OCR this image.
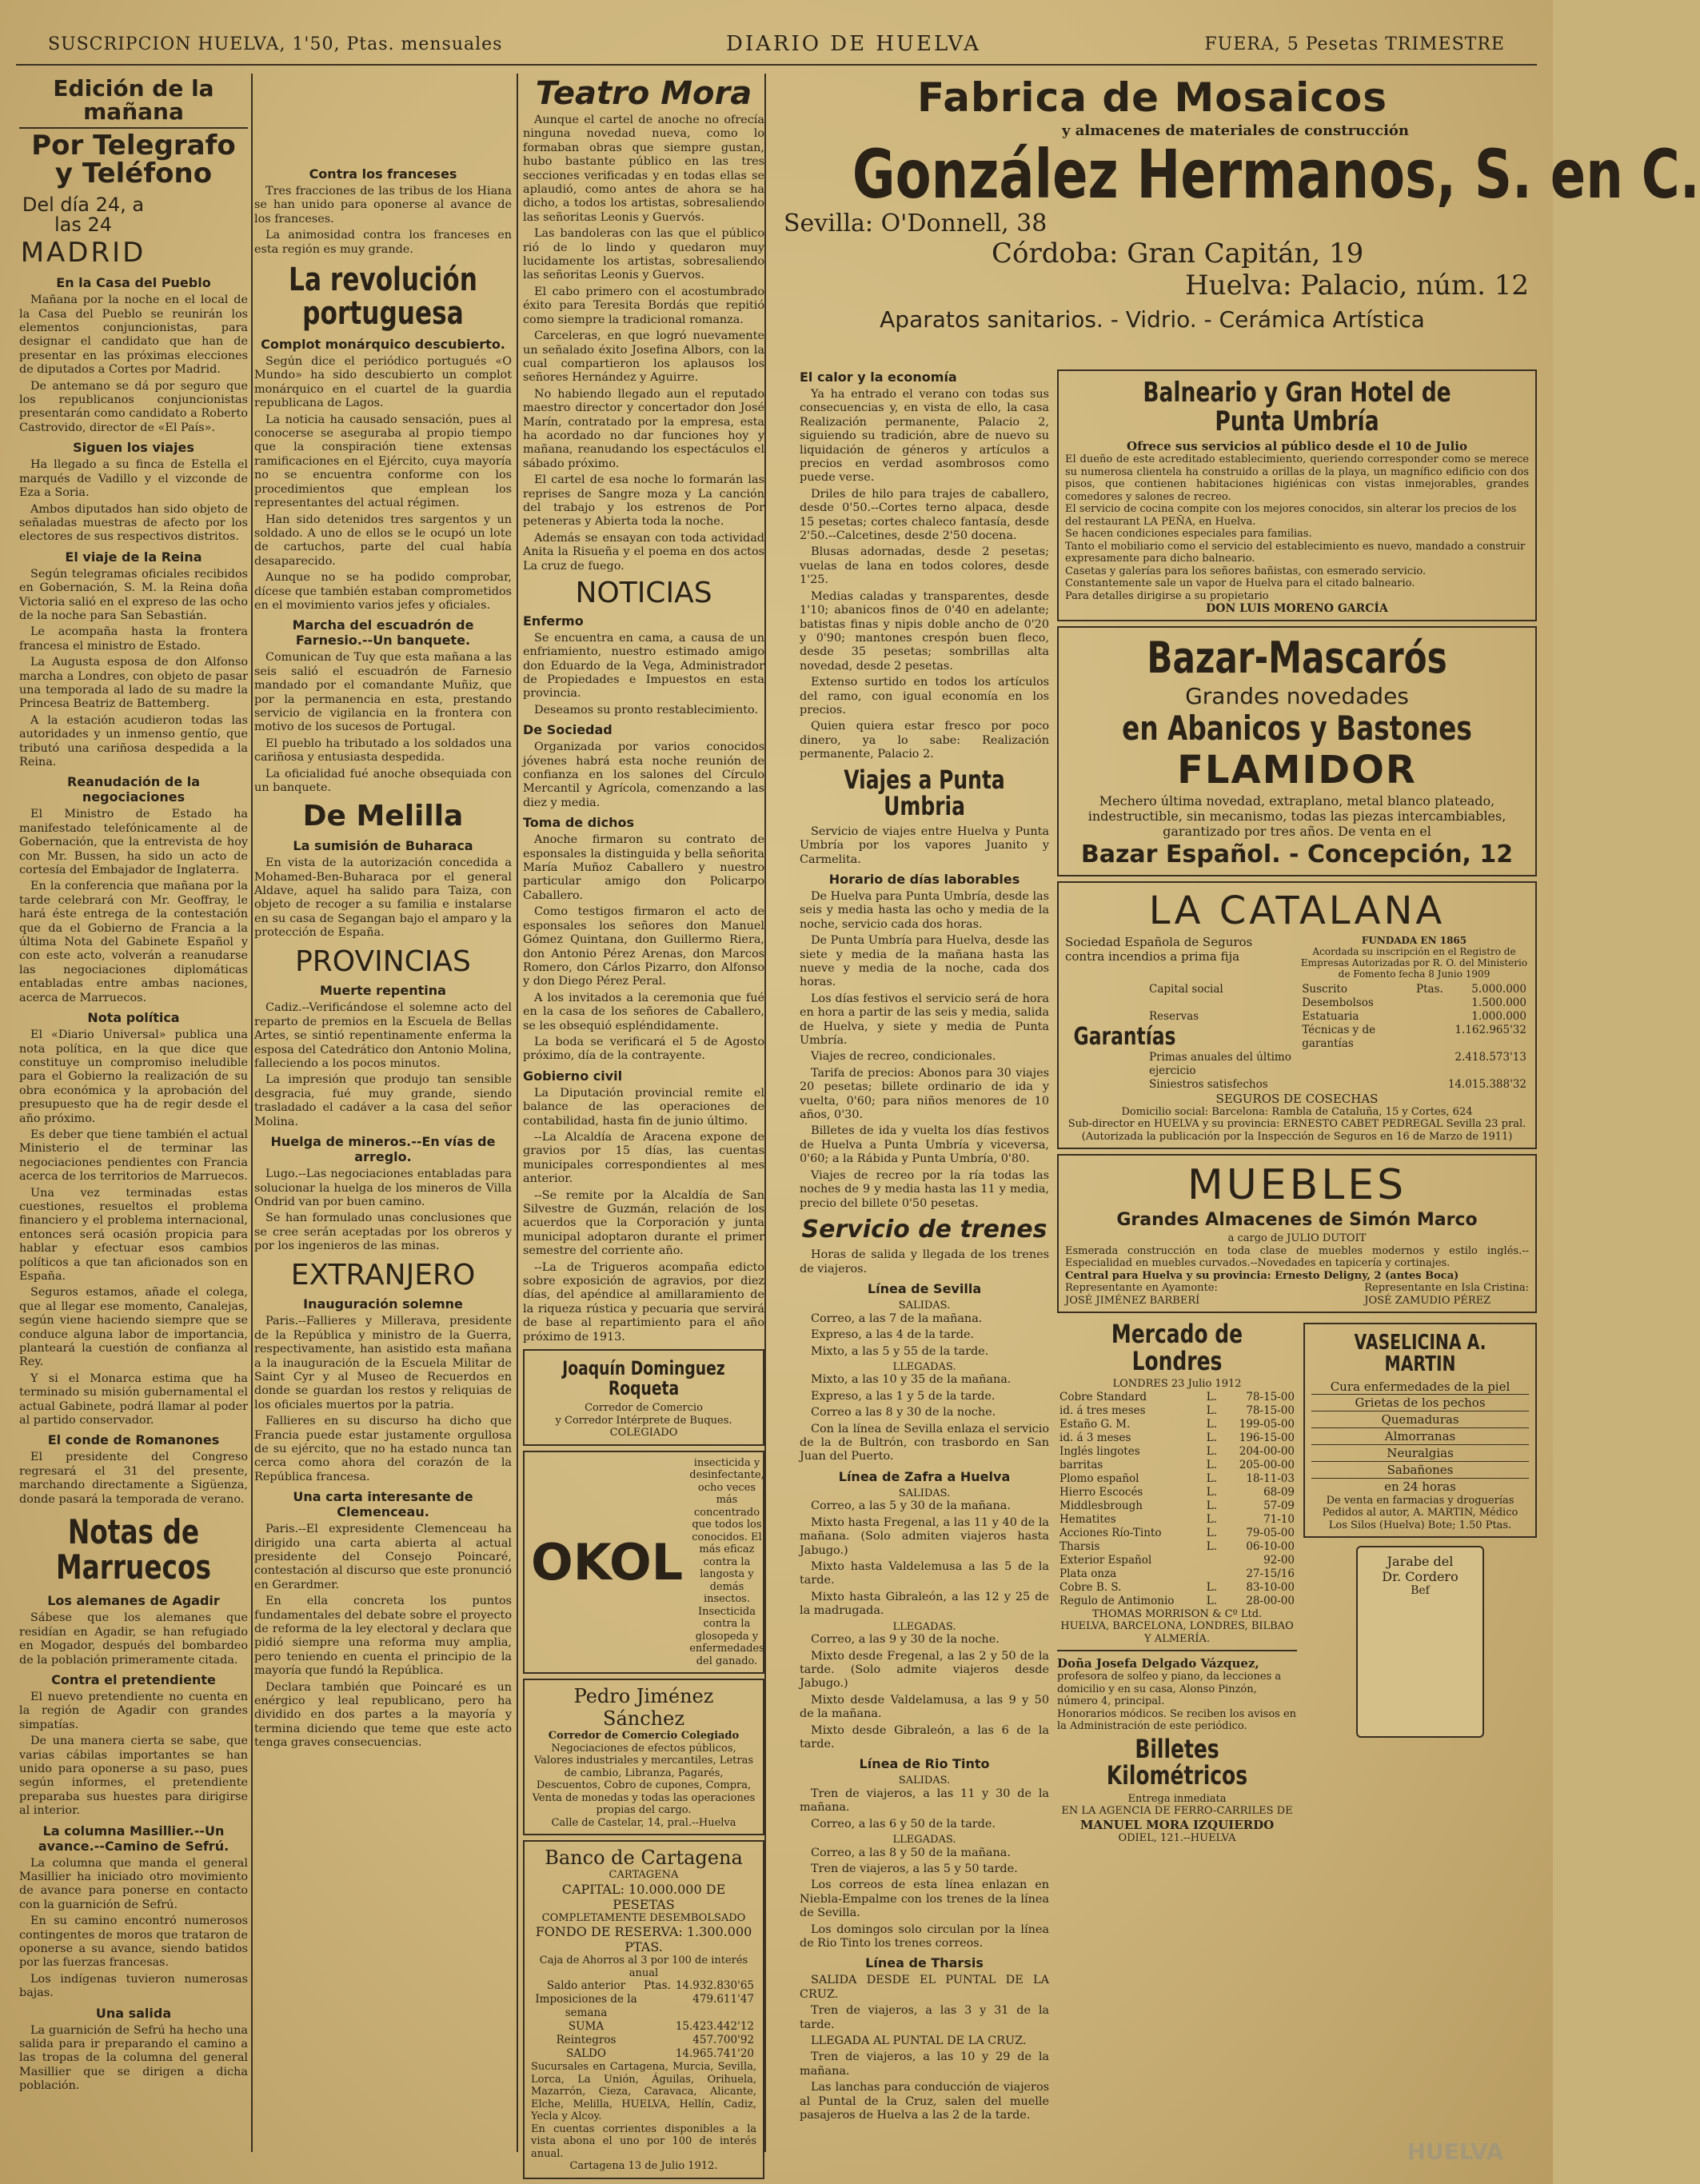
SUSCRIPCION HUELVA, 1'50, Ptas. mensuales	DIARIO DE HUELVA	FUERA, 5 Pesetas TRIMESTRE
Edición de la mañana
Por Telegrafo y Teléfono
Del día 24, a las 24
MADRID
En la Casa del Pueblo

Mañana por la noche en el local de la Casa del Pueblo se reunirán los elementos conjuncionistas, para designar el candidato que han de presentar en las próximas elecciones de diputados a Cortes por Madrid.

De antemano se dá por seguro que los republicanos conjuncionistas presentarán como candidato a Roberto Castrovido, director de «El País».

Siguen los viajes

Ha llegado a su finca de Estella el marqués de Vadillo y el vizconde de Eza a Soria.

Ambos diputados han sido objeto de señaladas muestras de afecto por los electores de sus respectivos distritos.

El viaje de la Reina

Según telegramas oficiales recibidos en Gobernación, S. M. la Reina doña Victoria salió en el expreso de las ocho de la noche para San Sebastián.

Le acompaña hasta la frontera francesa el ministro de Estado.

La Augusta esposa de don Alfonso marcha a Londres, con objeto de pasar una temporada al lado de su madre la Princesa Beatriz de Battemberg.

A la estación acudieron todas las autoridades y un inmenso gentío, que tributó una cariñosa despedida a la Reina.

Reanudación de la negociaciones

El Ministro de Estado ha manifestado telefónicamente al de Gobernación, que la entrevista de hoy con Mr. Bussen, ha sido un acto de cortesía del Embajador de Inglaterra.

En la conferencia que mañana por la tarde celebrará con Mr. Geoffray, le hará éste entrega de la contestación que da el Gobierno de Francia a la última Nota del Gabinete Español y con este acto, volverán a reanudarse las negociaciones diplomáticas entabladas entre ambas naciones, acerca de Marruecos.

Nota política

El «Diario Universal» publica una nota política, en la que dice que constituye un compromiso ineludible para el Gobierno la realización de su obra económica y la aprobación del presupuesto que ha de regir desde el año próximo.

Es deber que tiene también el actual Ministerio el de terminar las negociaciones pendientes con Francia acerca de los territorios de Marruecos.

Una vez terminadas estas cuestiones, resueltos el problema financiero y el problema internacional, entonces será ocasión propicia para hablar y efectuar esos cambios políticos a que tan aficionados son en España.

Seguros estamos, añade el colega, que al llegar ese momento, Canalejas, según viene haciendo siempre que se conduce alguna labor de importancia, planteará la cuestión de confianza al Rey.

Y si el Monarca estima que ha terminado su misión gubernamental el actual Gabinete, podrá llamar al poder al partido conservador.

El conde de Romanones

El presidente del Congreso regresará el 31 del presente, marchando directamente a Sigüenza, donde pasará la temporada de verano.

Notas de Marruecos
Los alemanes de Agadir

Sábese que los alemanes que residían en Agadir, se han refugiado en Mogador, después del bombardeo de la población primeramente citada.

Contra el pretendiente

El nuevo pretendiente no cuenta en la región de Agadir con grandes simpatías.

De una manera cierta se sabe, que varias cábilas importantes se han unido para oponerse a su paso, pues según informes, el pretendiente preparaba sus huestes para dirigirse al interior.

La columna Masillier.--Un avance.--Camino de Sefrú.

La columna que manda el general Masillier ha iniciado otro movimiento de avance para ponerse en contacto con la guarnición de Sefrú.

En su camino encontró numerosos contingentes de moros que trataron de oponerse a su avance, siendo batidos por las fuerzas francesas.

Los indígenas tuvieron numerosas bajas.

Una salida

La guarnición de Sefrú ha hecho una salida para ir preparando el camino a las tropas de la columna del general Masillier que se dirigen a dicha población.

Contra los franceses

Tres fracciones de las tribus de los Hiana se han unido para oponerse al avance de los franceses.

La animosidad contra los franceses en esta región es muy grande.

La revolución portuguesa
Complot monárquico descubierto.

Según dice el periódico portugués «O Mundo» ha sido descubierto un complot monárquico en el cuartel de la guardia republicana de Lagos.

La noticia ha causado sensación, pues al conocerse se aseguraba al propio tiempo que la conspiración tiene extensas ramificaciones en el Ejército, cuya mayoría no se encuentra conforme con los procedimientos que emplean los representantes del actual régimen.

Han sido detenidos tres sargentos y un soldado. A uno de ellos se le ocupó un lote de cartuchos, parte del cual había desaparecido.

Aunque no se ha podido comprobar, dícese que también estaban comprometidos en el movimiento varios jefes y oficiales.

Marcha del escuadrón de Farnesio.--Un banquete.

Comunican de Tuy que esta mañana a las seis salió el escuadrón de Farnesio mandado por el comandante Muñiz, que por la permanencia en esta, prestando servicio de vigilancia en la frontera con motivo de los sucesos de Portugal.

El pueblo ha tributado a los soldados una cariñosa y entusiasta despedida.

La oficialidad fué anoche obsequiada con un banquete.

De Melilla
La sumisión de Buharaca

En vista de la autorización concedida a Mohamed-Ben-Buharaca por el general Aldave, aquel ha salido para Taiza, con objeto de recoger a su familia e instalarse en su casa de Segangan bajo el amparo y la protección de España.

PROVINCIAS
Muerte repentina

Cadiz.--Verificándose el solemne acto del reparto de premios en la Escuela de Bellas Artes, se sintió repentinamente enferma la esposa del Catedrático don Antonio Molina, falleciendo a los pocos minutos.

La impresión que produjo tan sensible desgracia, fué muy grande, siendo trasladado el cadáver a la casa del señor Molina.

Huelga de mineros.--En vías de arreglo.

Lugo.--Las negociaciones entabladas para solucionar la huelga de los mineros de Villa Ondrid van por buen camino.

Se han formulado unas conclusiones que se cree serán aceptadas por los obreros y por los ingenieros de las minas.

EXTRANJERO
Inauguración solemne

Paris.--Fallieres y Millerava, presidente de la República y ministro de la Guerra, respectivamente, han asistido esta mañana a la inauguración de la Escuela Militar de Saint Cyr y al Museo de Recuerdos en donde se guardan los restos y reliquias de los oficiales muertos por la patria.

Fallieres en su discurso ha dicho que Francia puede estar justamente orgullosa de su ejército, que no ha estado nunca tan cerca como ahora del corazón de la República francesa.

Una carta interesante de Clemenceau.

Paris.--El expresidente Clemenceau ha dirigido una carta abierta al actual presidente del Consejo Poincaré, contestación al discurso que este pronunció en Gerardmer.

En ella concreta los puntos fundamentales del debate sobre el proyecto de reforma de la ley electoral y declara que pidió siempre una reforma muy amplia, pero teniendo en cuenta el principio de la mayoría que fundó la República.

Declara también que Poincaré es un enérgico y leal republicano, pero ha dividido en dos partes a la mayoría y termina diciendo que teme que este acto tenga graves consecuencias.

Teatro Mora

Aunque el cartel de anoche no ofrecía ninguna novedad nueva, como lo formaban obras que siempre gustan, hubo bastante público en las tres secciones verificadas y en todas ellas se aplaudió, como antes de ahora se ha dicho, a todos los artistas, sobresaliendo las señoritas Leonis y Guervós.

Las bandoleras con las que el público rió de lo lindo y quedaron muy lucidamente los artistas, sobresaliendo las señoritas Leonis y Guervos.

El cabo primero con el acostumbrado éxito para Teresita Bordás que repitió como siempre la tradicional romanza.

Carceleras, en que logró nuevamente un señalado éxito Josefina Albors, con la cual compartieron los aplausos los señores Hernández y Aguirre.

No habiendo llegado aun el reputado maestro director y concertador don José Marín, contratado por la empresa, esta ha acordado no dar funciones hoy y mañana, reanudando los espectáculos el sábado próximo.

El cartel de esa noche lo formarán las reprises de Sangre moza y La canción del trabajo y los estrenos de Por peteneras y Abierta toda la noche.

Además se ensayan con toda actividad Anita la Risueña y el poema en dos actos La cruz de fuego.

NOTICIAS
Enfermo

Se encuentra en cama, a causa de un enfriamiento, nuestro estimado amigo don Eduardo de la Vega, Administrador de Propiedades e Impuestos en esta provincia.

Deseamos su pronto restablecimiento.

De Sociedad

Organizada por varios conocidos jóvenes habrá esta noche reunión de confianza en los salones del Círculo Mercantil y Agrícola, comenzando a las diez y media.

Toma de dichos

Anoche firmaron su contrato de esponsales la distinguida y bella señorita María Muñoz Caballero y nuestro particular amigo don Policarpo Caballero.

Como testigos firmaron el acto de esponsales los señores don Manuel Gómez Quintana, don Guillermo Riera, don Antonio Pérez Arenas, don Marcos Romero, don Cárlos Pizarro, don Alfonso y don Diego Pérez Peral.

A los invitados a la ceremonia que fué en la casa de los señores de Caballero, se les obsequió espléndidamente.

La boda se verificará el 5 de Agosto próximo, día de la contrayente.

Gobierno civil

La Diputación provincial remite el balance de las operaciones de contabilidad, hasta fin de junio último.

--La Alcaldía de Aracena expone de gravios por 15 días, las cuentas municipales correspondientes al mes anterior.

--Se remite por la Alcaldía de San Silvestre de Guzmán, relación de los acuerdos que la Corporación y junta municipal adoptaron durante el primer semestre del corriente año.

--La de Trigueros acompaña edicto sobre exposición de agravios, por diez días, del apéndice al amillaramiento de la riqueza rústica y pecuaria que servirá de base al repartimiento para el año próximo de 1913.

Joaquín Dominguez Roqueta
Corredor de Comercio
y Corredor Intérprete de Buques.
COLEGIADO
OKOL
insecticida y desinfectante, ocho veces más concentrado que todos los conocidos. El más eficaz contra la langosta y demás insectos. Insecticida contra la glosopeda y enfermedades del ganado.
Pedro Jiménez Sánchez
Corredor de Comercio Colegiado
Negociaciones de efectos públicos, Valores industriales y mercantiles, Letras de cambio, Libranza, Pagarés, Descuentos, Cobro de cupones, Compra, Venta de monedas y todas las operaciones propias del cargo.
Calle de Castelar, 14, pral.--Huelva
Banco de Cartagena
CARTAGENA
CAPITAL: 10.000.000 DE PESETAS
COMPLETAMENTE DESEMBOLSADO
FONDO DE RESERVA: 1.300.000 PTAS.
Caja de Ahorros al 3 por 100 de interés anual
Saldo anterior	Ptas.	14.932.830'65
Imposiciones de la semana		479.611'47
SUMA		15.423.442'12
Reintegros		457.700'92
SALDO		14.965.741'20
Sucursales en Cartagena, Murcia, Sevilla, Lorca, La Unión, Águilas, Orihuela, Mazarrón, Cieza, Caravaca, Alicante, Elche, Melilla, HUELVA, Hellín, Cadiz, Yecla y Alcoy.
En cuentas corrientes disponibles a la vista abona el uno por 100 de interés anual.
Cartagena 13 de Julio 1912.
Fabrica de Mosaicos
y almacenes de materiales de construcción
González Hermanos, S. en C.
Sevilla: O'Donnell, 38
Córdoba: Gran Capitán, 19
Huelva: Palacio, núm. 12
Aparatos sanitarios. - Vidrio. - Cerámica Artística
El calor y la economía

Ya ha entrado el verano con todas sus consecuencias y, en vista de ello, la casa Realización permanente, Palacio 2, siguiendo su tradición, abre de nuevo su liquidación de géneros y artículos a precios en verdad asombrosos como puede verse.

Driles de hilo para trajes de caballero, desde 0'50.--Cortes terno alpaca, desde 15 pesetas; cortes chaleco fantasía, desde 2'50.--Calcetines, desde 2'50 docena.

Blusas adornadas, desde 2 pesetas; vuelas de lana en todos colores, desde 1'25.

Medias caladas y transparentes, desde 1'10; abanicos finos de 0'40 en adelante; batistas finas y nipis doble ancho de 0'20 y 0'90; mantones crespón buen fleco, desde 35 pesetas; sombrillas alta novedad, desde 2 pesetas.

Extenso surtido en todos los artículos del ramo, con igual economía en los precios.

Quien quiera estar fresco por poco dinero, ya lo sabe: Realización permanente, Palacio 2.

Viajes a Punta Umbria

Servicio de viajes entre Huelva y Punta Umbría por los vapores Juanito y Carmelita.

Horario de días laborables

De Huelva para Punta Umbría, desde las seis y media hasta las ocho y media de la noche, servicio cada dos horas.

De Punta Umbría para Huelva, desde las siete y media de la mañana hasta las nueve y media de la noche, cada dos horas.

Los días festivos el servicio será de hora en hora a partir de las seis y media, salida de Huelva, y siete y media de Punta Umbría.

Viajes de recreo, condicionales.

Tarifa de precios: Abonos para 30 viajes 20 pesetas; billete ordinario de ida y vuelta, 0'60; para niños menores de 10 años, 0'30.

Billetes de ida y vuelta los días festivos de Huelva a Punta Umbría y viceversa, 0'60; a la Rábida y Punta Umbría, 0'80.

Viajes de recreo por la ría todas las noches de 9 y media hasta las 11 y media, precio del billete 0'50 pesetas.

Servicio de trenes

Horas de salida y llegada de los trenes de viajeros.

Línea de Sevilla
SALIDAS.

Correo, a las 7 de la mañana.

Expreso, a las 4 de la tarde.

Mixto, a las 5 y 55 de la tarde.

LLEGADAS.

Mixto, a las 10 y 35 de la mañana.

Expreso, a las 1 y 5 de la tarde.

Correo a las 8 y 30 de la noche.

Con la línea de Sevilla enlaza el servicio de la de Bultrón, con trasbordo en San Juan del Puerto.

Línea de Zafra a Huelva
SALIDAS.

Correo, a las 5 y 30 de la mañana.

Mixto hasta Fregenal, a las 11 y 40 de la mañana. (Solo admiten viajeros hasta Jabugo.)

Mixto hasta Valdelemusa a las 5 de la tarde.

Mixto hasta Gibraleón, a las 12 y 25 de la madrugada.

LLEGADAS.

Correo, a las 9 y 30 de la noche.

Mixto desde Fregenal, a las 2 y 50 de la tarde. (Solo admite viajeros desde Jabugo.)

Mixto desde Valdelamusa, a las 9 y 50 de la mañana.

Mixto desde Gibraleón, a las 6 de la tarde.

Línea de Rio Tinto
SALIDAS.

Tren de viajeros, a las 11 y 30 de la mañana.

Correo, a las 6 y 50 de la tarde.

LLEGADAS.

Correo, a las 8 y 50 de la mañana.

Tren de viajeros, a las 5 y 50 tarde.

Los correos de esta línea enlazan en Niebla-Empalme con los trenes de la línea de Sevilla.

Los domingos solo circulan por la línea de Rio Tinto los trenes correos.

Línea de Tharsis

SALIDA DESDE EL PUNTAL DE LA CRUZ.

Tren de viajeros, a las 3 y 31 de la tarde.

LLEGADA AL PUNTAL DE LA CRUZ.

Tren de viajeros, a las 10 y 29 de la mañana.

Las lanchas para conducción de viajeros al Puntal de la Cruz, salen del muelle pasajeros de Huelva a las 2 de la tarde.

Balneario y Gran Hotel de Punta Umbría
Ofrece sus servicios al público desde el 10 de Julio
El dueño de este acreditado establecimiento, queriendo corresponder como se merece su numerosa clientela ha construido a orillas de la playa, un magnífico edificio con dos pisos, que contienen habitaciones higiénicas con vistas inmejorables, grandes comedores y salones de recreo.
El servicio de cocina compite con los mejores conocidos, sin alterar los precios de los del restaurant LA PEÑA, en Huelva.
Se hacen condiciones especiales para familias.
Tanto el mobiliario como el servicio del establecimiento es nuevo, mandado a construir expresamente para dicho balneario.
Casetas y galerías para los señores bañistas, con esmerado servicio.
Constantemente sale un vapor de Huelva para el citado balneario.
Para detalles dirigirse a su propietario
DON LUIS MORENO GARCÍA
Bazar-Mascarós
Grandes novedades
en Abanicos y Bastones
FLAMIDOR
Mechero última novedad, extraplano, metal blanco plateado, indestructible, sin mecanismo, todas las piezas intercambiables, garantizado por tres años. De venta en el
Bazar Español. - Concepción, 12
LA CATALANA
Sociedad Española de Seguros contra incendios a prima fija
FUNDADA EN 1865
Acordada su inscripción en el Registro de Empresas Autorizadas por R. O. del Ministerio de Fomento fecha 8 Junio 1909
Garantías
Capital social	Suscrito	Ptas.	5.000.000
	Desembolsos		1.500.000
Reservas	Estatuaria		1.000.000
	Técnicas y de garantías		1.162.965'32
Primas anuales del último ejercicio			2.418.573'13
Siniestros satisfechos			14.015.388'32
SEGUROS DE COSECHAS
Domicilio social: Barcelona: Rambla de Cataluña, 15 y Cortes, 624
Sub-director en HUELVA y su provincia: ERNESTO CABET PEDREGAL Sevilla 23 pral.
(Autorizada la publicación por la Inspección de Seguros en 16 de Marzo de 1911)
MUEBLES
Grandes Almacenes de Simón Marco
a cargo de JULIO DUTOIT
Esmerada construcción en toda clase de muebles modernos y estilo inglés.--Especialidad en muebles curvados.--Novedades en tapicería y cortinajes.
Central para Huelva y su provincia: Ernesto Deligny, 2 (antes Boca)
Representante en Ayamonte:
JOSÉ JIMÉNEZ BARBERÍ
Representante en Isla Cristina:
JOSÉ ZAMUDIO PÉREZ
Mercado de Londres
LONDRES 23 Julio 1912
Cobre Standard	L.	78-15-00
id. á tres meses	L.	78-15-00
Estaño G. M.	L.	199-05-00
id. á 3 meses	L.	196-15-00
Inglés lingotes	L.	204-00-00
barritas	L.	205-00-00
Plomo español	L.	18-11-03
Hierro Escocés	L.	68-09
Middlesbrough	L.	57-09
Hematites	L.	71-10
Acciones Río-Tinto	L.	79-05-00
Tharsis	L.	06-10-00
Exterior Español		92-00
Plata onza		27-15/16
Cobre B. S.	L.	83-10-00
Regulo de Antimonio	L.	28-00-00
THOMAS MORRISON & Cº Ltd.
HUELVA, BARCELONA, LONDRES, BILBAO Y ALMERÍA.
Doña Josefa Delgado Vázquez,
profesora de solfeo y piano, da lecciones a domicilio y en su casa, Alonso Pinzón, número 4, principal.
Honorarios módicos. Se reciben los avisos en la Administración de este periódico.
Billetes Kilométricos
Entrega inmediata
EN LA AGENCIA DE FERRO-CARRILES DE
MANUEL MORA IZQUIERDO
ODIEL, 121.--HUELVA
VASELICINA A. MARTIN
Cura enfermedades de la piel
Grietas de los pechos
Quemaduras
Almorranas
Neuralgias
Sabañones
en 24 horas
De venta en farmacias y droguerías
Pedidos al autor, A. MARTIN, Médico
Los Silos (Huelva) Bote; 1.50 Ptas.
Jarabe del
Dr. Cordero
Bef
HUELVA
